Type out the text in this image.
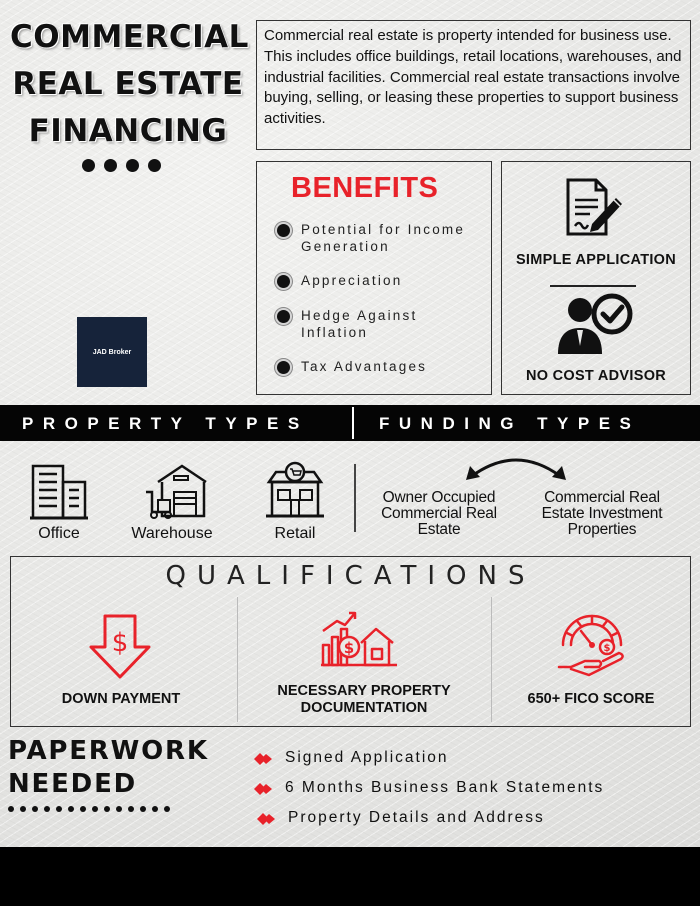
COMMERCIAL
REAL ESTATE
FINANCING

Commercial real estate is property intended for business use. This includes office buildings, retail locations, warehouses, and industrial facilities. Commercial real estate transactions involve buying, selling, or leasing these properties to support business activities.

BENEFITS
Potential for Income Generation
Appreciation
Hedge Against Inflation
Tax Advantages
SIMPLE APPLICATION
NO COST ADVISOR
JAD Broker
PROPERTY TYPES	FUNDING TYPES
Office	Warehouse	Retail
Owner Occupied
Commercial Real
Estate
Commercial Real
Estate Investment
Properties
QUALIFICATIONS
$
DOWN PAYMENT
$
NECESSARY PROPERTY
DOCUMENTATION
$
650+ FICO SCORE
PAPERWORK
NEEDED
Signed Application
6 Months Business Bank Statements
Property Details and Address
